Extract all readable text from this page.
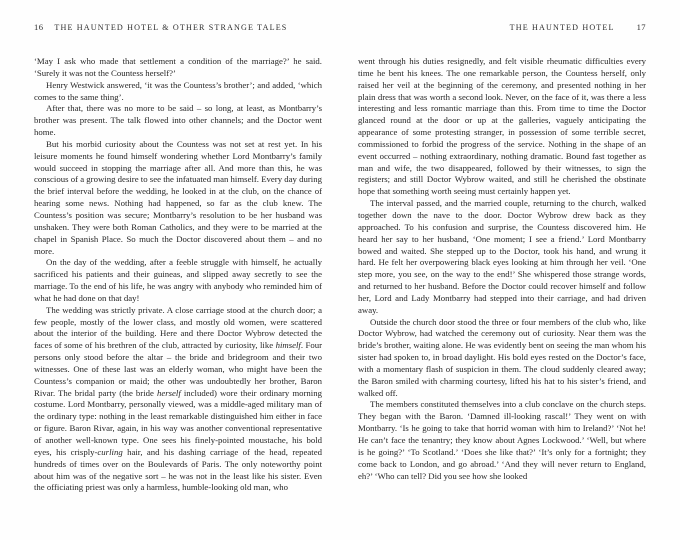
16 THE HAUNTED HOTEL & OTHER STRANGE TALES

‘May I ask who made that settlement a condition of the marriage?’ he said. ‘Surely it was not the Countess herself?’

Henry Westwick answered, ‘it was the Countess’s brother’; and added, ‘which comes to the same thing’.

After that, there was no more to be said – so long, at least, as Montbarry’s brother was present. The talk flowed into other channels; and the Doctor went home.

But his morbid curiosity about the Countess was not set at rest yet. In his leisure moments he found himself wondering whether Lord Montbarry’s family would succeed in stopping the marriage after all. And more than this, he was conscious of a growing desire to see the infatuated man himself. Every day during the brief interval before the wedding, he looked in at the club, on the chance of hearing some news. Nothing had happened, so far as the club knew. The Countess’s position was secure; Montbarry’s resolution to be her husband was unshaken. They were both Roman Catholics, and they were to be married at the chapel in Spanish Place. So much the Doctor discovered about them – and no more.

On the day of the wedding, after a feeble struggle with himself, he actually sacrificed his patients and their guineas, and slipped away secretly to see the marriage. To the end of his life, he was angry with anybody who reminded him of what he had done on that day!

The wedding was strictly private. A close carriage stood at the church door; a few people, mostly of the lower class, and mostly old women, were scattered about the interior of the building. Here and there Doctor Wybrow detected the faces of some of his brethren of the club, attracted by curiosity, like himself. Four persons only stood before the altar – the bride and bridegroom and their two witnesses. One of these last was an elderly woman, who might have been the Countess’s companion or maid; the other was undoubtedly her brother, Baron Rivar. The bridal party (the bride herself included) wore their ordinary morning costume. Lord Montbarry, personally viewed, was a middle-aged military man of the ordinary type: nothing in the least remarkable distinguished him either in face or figure. Baron Rivar, again, in his way was another conventional representative of another well-known type. One sees his finely-pointed moustache, his bold eyes, his crisply-curling hair, and his dashing carriage of the head, repeated hundreds of times over on the Boulevards of Paris. The only noteworthy point about him was of the negative sort – he was not in the least like his sister. Even the officiating priest was only a harmless, humble-looking old man, who

THE HAUNTED HOTEL	17

went through his duties resignedly, and felt visible rheumatic difficulties every time he bent his knees. The one remarkable person, the Countess herself, only raised her veil at the beginning of the ceremony, and presented nothing in her plain dress that was worth a second look. Never, on the face of it, was there a less interesting and less romantic marriage than this. From time to time the Doctor glanced round at the door or up at the galleries, vaguely anticipating the appearance of some protesting stranger, in possession of some terrible secret, commissioned to forbid the progress of the service. Nothing in the shape of an event occurred – nothing extraordinary, nothing dramatic. Bound fast together as man and wife, the two disappeared, followed by their witnesses, to sign the registers; and still Doctor Wybrow waited, and still he cherished the obstinate hope that something worth seeing must certainly happen yet.

The interval passed, and the married couple, returning to the church, walked together down the nave to the door. Doctor Wybrow drew back as they approached. To his confusion and surprise, the Countess discovered him. He heard her say to her husband, ‘One moment; I see a friend.’ Lord Montbarry bowed and waited. She stepped up to the Doctor, took his hand, and wrung it hard. He felt her overpowering black eyes looking at him through her veil. ‘One step more, you see, on the way to the end!’ She whispered those strange words, and returned to her husband. Before the Doctor could recover himself and follow her, Lord and Lady Montbarry had stepped into their carriage, and had driven away.

Outside the church door stood the three or four members of the club who, like Doctor Wybrow, had watched the ceremony out of curiosity. Near them was the bride’s brother, waiting alone. He was evidently bent on seeing the man whom his sister had spoken to, in broad daylight. His bold eyes rested on the Doctor’s face, with a momentary flash of suspicion in them. The cloud suddenly cleared away; the Baron smiled with charming courtesy, lifted his hat to his sister’s friend, and walked off.

The members constituted themselves into a club conclave on the church steps. They began with the Baron. ‘Damned ill-looking rascal!’ They went on with Montbarry. ‘Is he going to take that horrid woman with him to Ireland?’ ‘Not he! He can’t face the tenantry; they know about Agnes Lockwood.’ ‘Well, but where is he going?’ ‘To Scotland.’ ‘Does she like that?’ ‘It’s only for a fortnight; they come back to London, and go abroad.’ ‘And they will never return to England, eh?’ ‘Who can tell? Did you see how she looked
